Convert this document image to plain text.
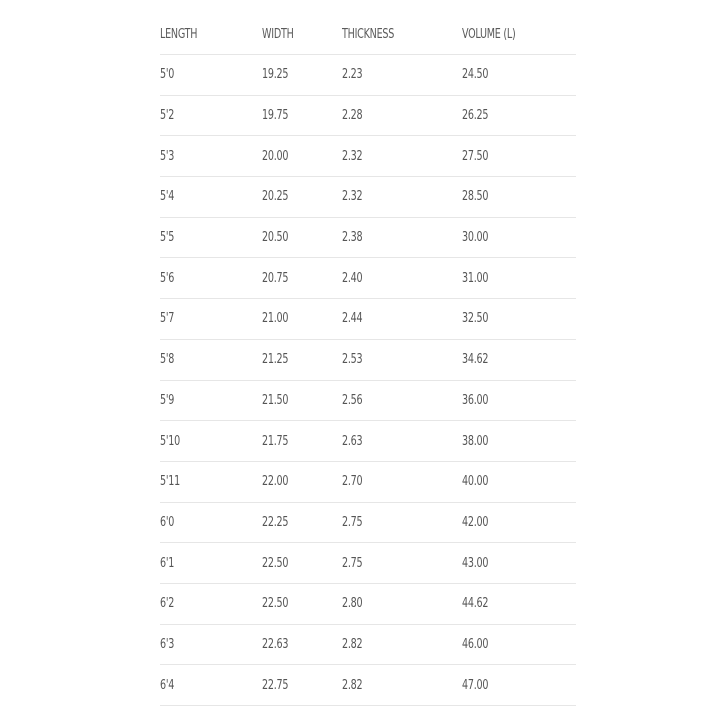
LENGTH	WIDTH	THICKNESS	VOLUME (L)
5'0	19.25	2.23	24.50
5'2	19.75	2.28	26.25
5'3	20.00	2.32	27.50
5'4	20.25	2.32	28.50
5'5	20.50	2.38	30.00
5'6	20.75	2.40	31.00
5'7	21.00	2.44	32.50
5'8	21.25	2.53	34.62
5'9	21.50	2.56	36.00
5'10	21.75	2.63	38.00
5'11	22.00	2.70	40.00
6'0	22.25	2.75	42.00
6'1	22.50	2.75	43.00
6'2	22.50	2.80	44.62
6'3	22.63	2.82	46.00
6'4	22.75	2.82	47.00
